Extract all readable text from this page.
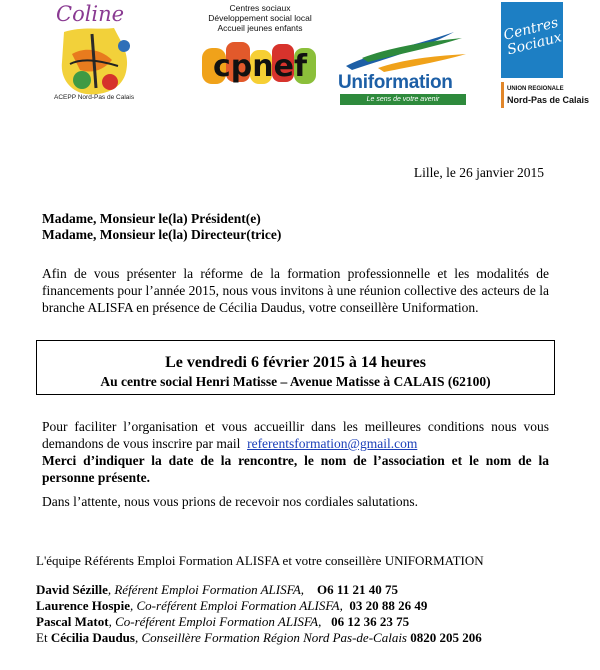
Coline
ACEPP Nord-Pas de Calais
Centres sociaux
Développement social local
Accueil jeunes enfants
cpnef Uniformation
Le sens de votre avenir
Centres Sociaux
UNION REGIONALE
Nord-Pas de Calais
Lille, le 26 janvier 2015
Madame, Monsieur le(la) Président(e)
Madame, Monsieur le(la) Directeur(trice)

Afin de vous présenter la réforme de la formation professionnelle et les modalités de financements pour l’année 2015, nous vous invitons à une réunion collective des acteurs de la branche ALISFA en présence de Cécilia Daudus, votre conseillère Uniformation.

Le vendredi 6 février 2015 à 14 heures
Au centre social Henri Matisse – Avenue Matisse à CALAIS (62100)
Pour faciliter l’organisation et vous accueillir dans les meilleures conditions nous vous
demandons de vous inscrire par mail referentsformation@gmail.com
Merci d’indiquer la date de la rencontre, le nom de l’association et le nom de la personne présente.

Dans l’attente, nous vous prions de recevoir nos cordiales salutations.

L'équipe Référents Emploi Formation ALISFA et votre conseillère UNIFORMATION
David Sézille, Référent Emploi Formation ALISFA, O6 11 21 40 75
Laurence Hospie, Co-référent Emploi Formation ALISFA, 03 20 88 26 49
Pascal Matot, Co-référent Emploi Formation ALISFA, 06 12 36 23 75
Et Cécilia Daudus, Conseillère Formation Région Nord Pas-de-Calais 0820 205 206
